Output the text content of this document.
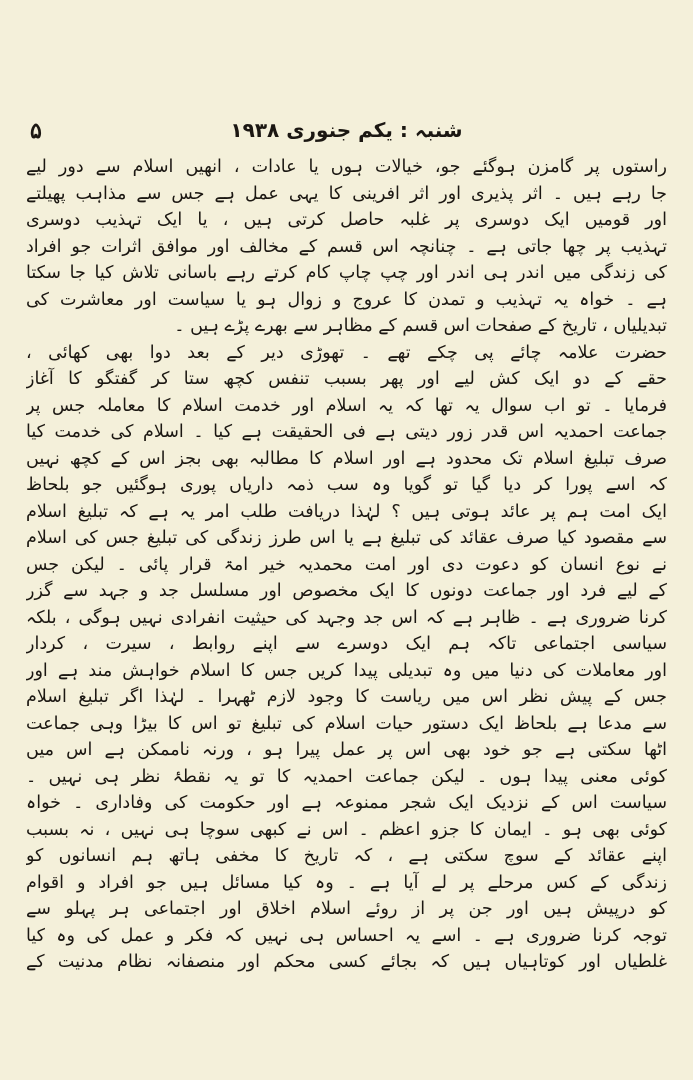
۵	شنبہ : یکم جنوری ۱۹۳۸
راستوں پر گامزن ہوگئے جو، خیالات ہوں یا عادات ، انھیں اسلام سے دور لیے
جا رہے ہیں ۔ اثر پذیری اور اثر افرینی کا یہی عمل ہے جس سے مذاہب پھیلتے
اور قومیں ایک دوسری پر غلبہ حاصل کرتی ہیں ، یا ایک تہذیب دوسری
تہذیب پر چھا جاتی ہے ۔ چنانچہ اس قسم کے مخالف اور موافق اثرات جو افراد
کی زندگی میں اندر ہی اندر اور چپ چاپ کام کرتے رہے باسانی تلاش کیا جا سکتا
ہے ۔ خواہ یہ تہذیب و تمدن کا عروج و زوال ہو یا سیاست اور معاشرت کی
تبدیلیاں ، تاریخ کے صفحات اس قسم کے مظاہر سے بھرے پڑے ہیں ۔
حضرت علامہ چائے پی چکے تھے ۔ تھوڑی دیر کے بعد دوا بھی کھائی ،
حقے کے دو ایک کش لیے اور پھر بسبب تنفس کچھ ستا کر گفتگو کا آغاز
فرمایا ۔ تو اب سوال یہ تھا کہ یہ اسلام اور خدمت اسلام کا معاملہ جس پر
جماعت احمدیہ اس قدر زور دیتی ہے فی الحقیقت ہے کیا ۔ اسلام کی خدمت کیا
صرف تبلیغ اسلام تک محدود ہے اور اسلام کا مطالبہ بھی بجز اس کے کچھ نہیں
کہ اسے پورا کر دیا گیا تو گویا وہ سب ذمہ داریاں پوری ہوگئیں جو بلحاظ
ایک امت ہم پر عائد ہوتی ہیں ؟ لہٰذا دریافت طلب امر یہ ہے کہ تبلیغ اسلام
سے مقصود کیا صرف عقائد کی تبلیغ ہے یا اس طرز زندگی کی تبلیغ جس کی اسلام
نے نوع انسان کو دعوت دی اور امت محمدیہ خیر امۃ قرار پائی ۔ لیکن جس
کے لیے فرد اور جماعت دونوں کا ایک مخصوص اور مسلسل جد و جہد سے گزر
کرنا ضروری ہے ۔ ظاہر ہے کہ اس جد وجہد کی حیثیت انفرادی نہیں ہوگی ، بلکہ
سیاسی اجتماعی تاکہ ہم ایک دوسرے سے اپنے روابط ، سیرت ، کردار
اور معاملات کی دنیا میں وہ تبدیلی پیدا کریں جس کا اسلام خواہش مند ہے اور
جس کے پیش نظر اس میں ریاست کا وجود لازم ٹھہرا ۔ لہٰذا اگر تبلیغ اسلام
سے مدعا ہے بلحاظ ایک دستور حیات اسلام کی تبلیغ تو اس کا بیڑا وہی جماعت
اٹھا سکتی ہے جو خود بھی اس پر عمل پیرا ہو ، ورنہ ناممکن ہے اس میں
کوئی معنی پیدا ہوں ۔ لیکن جماعت احمدیہ کا تو یہ نقطۂ نظر ہی نہیں ۔
سیاست اس کے نزدیک ایک شجر ممنوعہ ہے اور حکومت کی وفاداری ۔ خواہ
کوئی بھی ہو ۔ ایمان کا جزو اعظم ۔ اس نے کبھی سوچا ہی نہیں ، نہ بسبب
اپنے عقائد کے سوچ سکتی ہے ، کہ تاریخ کا مخفی ہاتھ ہم انسانوں کو
زندگی کے کس مرحلے پر لے آیا ہے ۔ وہ کیا مسائل ہیں جو افراد و اقوام
کو درپیش ہیں اور جن پر از روئے اسلام اخلاق اور اجتماعی ہر پہلو سے
توجہ کرنا ضروری ہے ۔ اسے یہ احساس ہی نہیں کہ فکر و عمل کی وہ کیا
غلطیاں اور کوتاہیاں ہیں کہ بجائے کسی محکم اور منصفانہ نظام مدنیت کے
